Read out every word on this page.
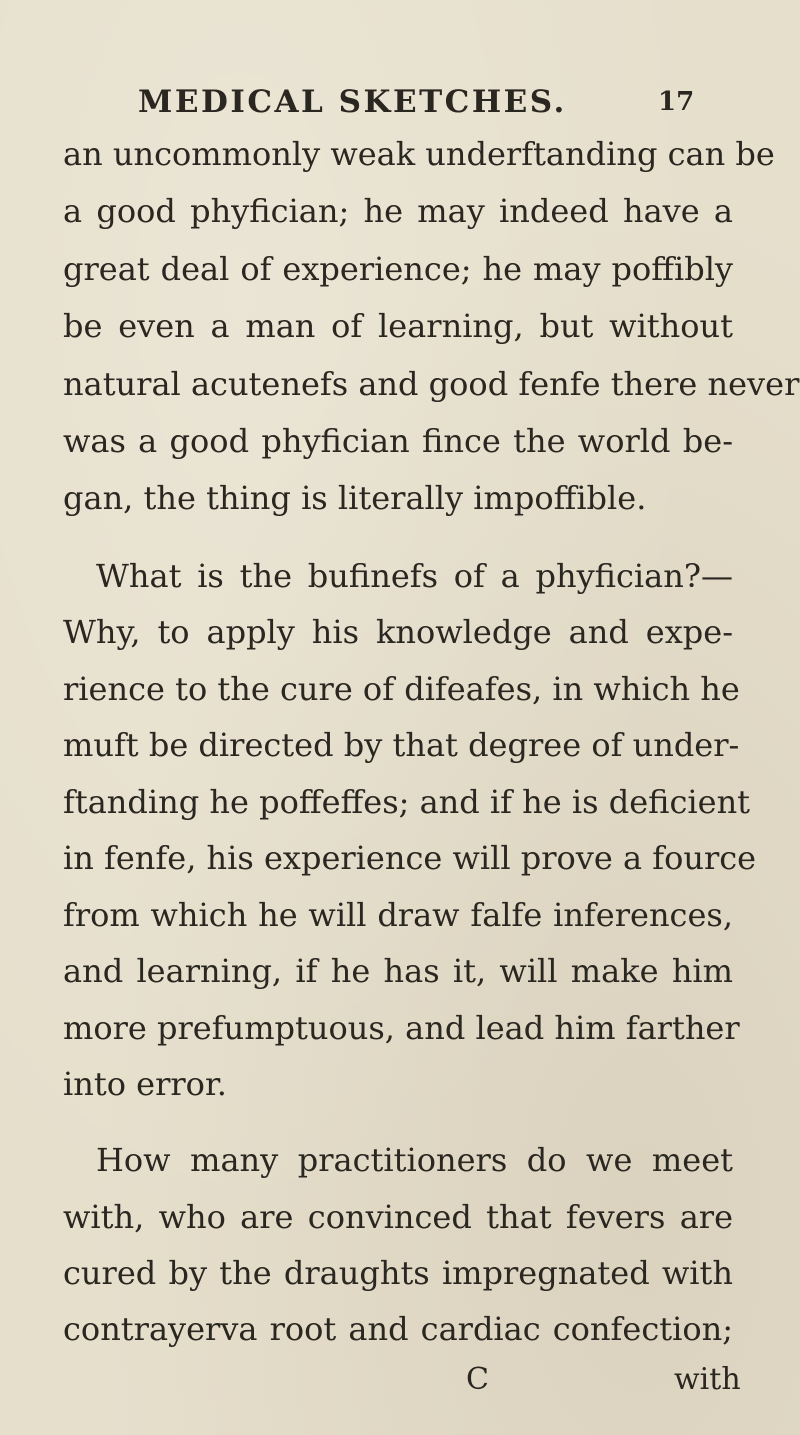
MEDICAL SKETCHES.	17
an uncommonly weak underftanding can be
a good phyfician; he may indeed have a
great deal of experience; he may poffibly
be even a man of learning, but without
natural acutenefs and good fenfe there never
was a good phyfician fince the world be-
gan, the thing is literally impoffible.
What is the bufinefs of a phyfician?—
Why, to apply his knowledge and expe-
rience to the cure of difeafes, in which he
muft be directed by that degree of under-
ftanding he poffeffes; and if he is deficient
in fenfe, his experience will prove a fource
from which he will draw falfe inferences,
and learning, if he has it, will make him
more prefumptuous, and lead him farther
into error.
How many practitioners do we meet
with, who are convinced that fevers are
cured by the draughts impregnated with
contrayerva root and cardiac confection;
C	with
